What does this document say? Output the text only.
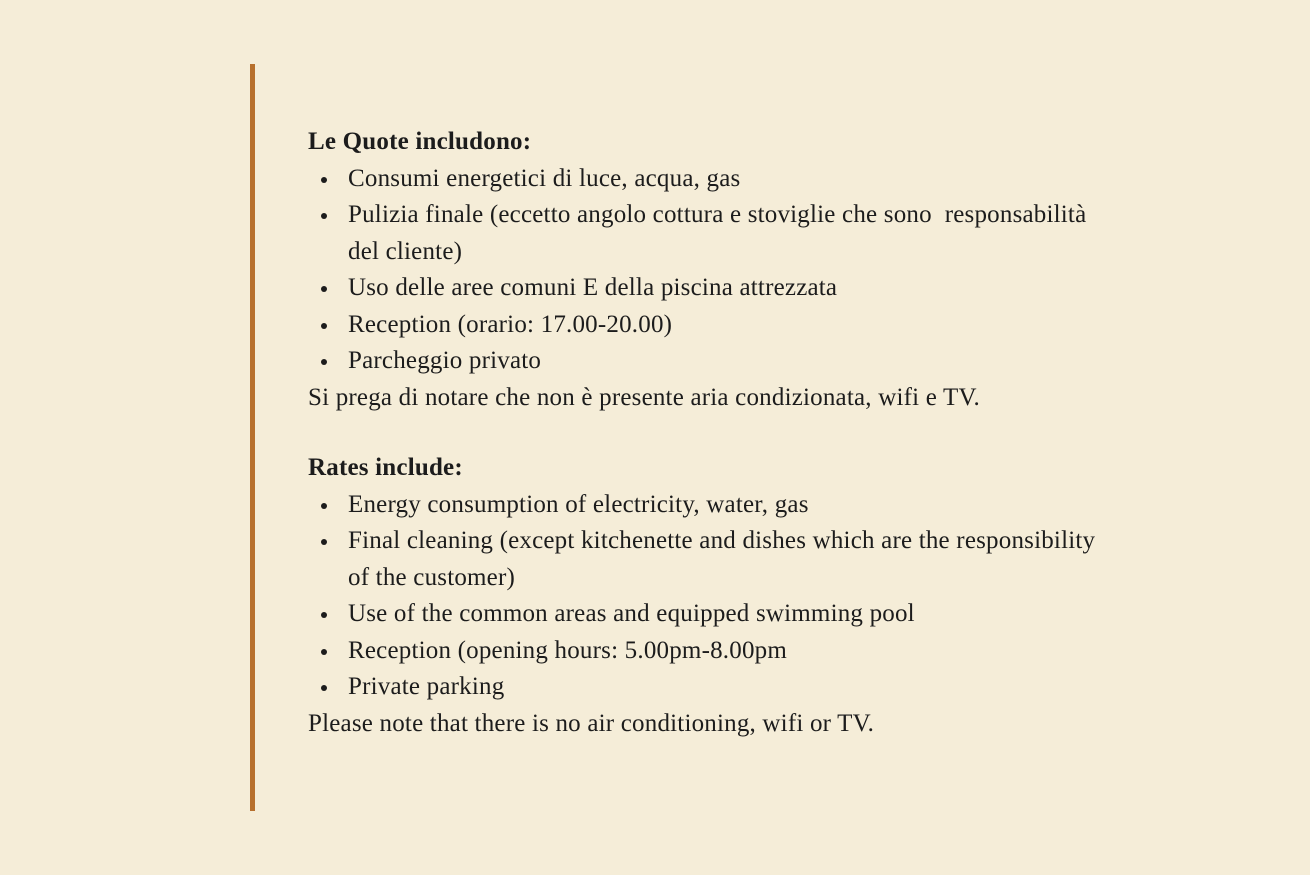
Le Quote includono:

Consumi energetici di luce, acqua, gas
Pulizia finale (eccetto angolo cottura e stoviglie che sono  responsabilità del cliente)
Uso delle aree comuni E della piscina attrezzata
Reception (orario: 17.00-20.00)
Parcheggio privato

Si prega di notare che non è presente aria condizionata, wifi e TV.

Rates include:

Energy consumption of electricity, water, gas
Final cleaning (except kitchenette and dishes which are the responsibility of the customer)
Use of the common areas and equipped swimming pool
Reception (opening hours: 5.00pm-8.00pm
Private parking

Please note that there is no air conditioning, wifi or TV.
